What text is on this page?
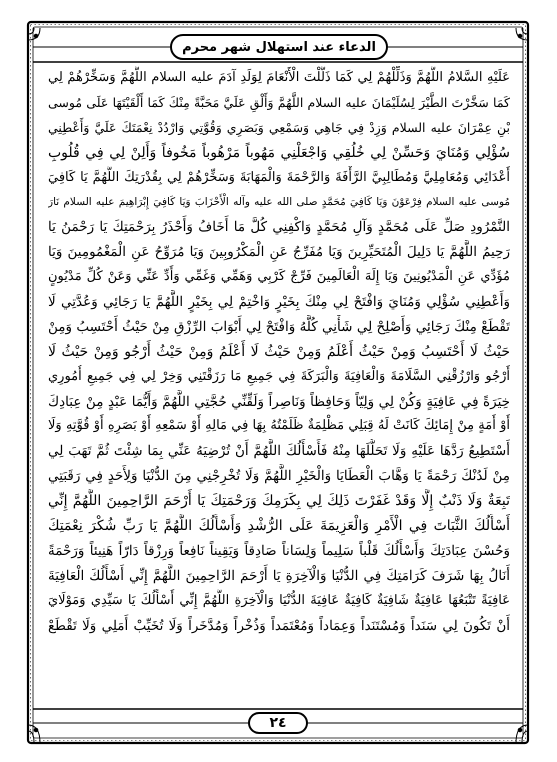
الدعاء عند استهلال شهر محرم
عَلَيْهِ السَّلامُ اللَّهُمَّ وَذَلِّلْهُمْ لِي كَمَا ذَلَّلْتَ الْأَنْعَامَ لِوَلَدِ آدَمَ عليه السلام اللَّهُمَّ وَسَخِّرْهُمْ لِي
كَمَا سَخَّرْتَ الطَّيْرَ لِسُلَيْمَانَ عليه السلام اللَّهُمَّ وَأَلْقِ عَلَيَّ مَحَبَّةً مِنْكَ كَمَا أَلْقَيْتَهَا عَلَى مُوسى
بْنِ عِمْرَانَ عليه السلام وَزِدْ فِي جَاهِي وَسَمْعِي وَبَصَرِي وَقُوَّتِي وَارْدُدْ نِعْمَتَكَ عَلَيَّ وَأَعْطِنِي
سُؤْلِي وَمُنَايَ وَحَسِّنْ لِي خُلُقِي وَاجْعَلْنِي مَهُوباً مَرْهُوباً مَخُوفاً وَأَلِنْ لِي فِي قُلُوبِ
أَعْدَائِي وَمُعَامِلِيَّ وَمُطَالِبِيَّ الرَّأْفَةَ وَالرَّحْمَةَ وَالْمَهَابَةَ وَسَخِّرْهُمْ لِي بِقُدْرَتِكَ اللَّهُمَّ يَا كَافِيَ
مُوسى عليه السلام فِرْعَوْنَ وَيَا كَافِيَ مُحَمَّدٍ صلى الله عليه وآله الْأَحْزَابَ وَيَا كَافِيَ إِبْرَاهِيمَ عليه السلام نَارَ
النَّمْرُودِ صَلِّ عَلَى مُحَمَّدٍ وَآلِ مُحَمَّدٍ وَاكْفِنِي كُلَّ مَا أَخَافُ وَأَحْذَرُ بِرَحْمَتِكَ يَا رَحْمَنُ يَا
رَحِيمُ اللَّهُمَّ يَا دَلِيلَ الْمُتَحَيِّرِينَ وَيَا مُفَرِّجُ عَنِ الْمَكْرُوبِينَ وَيَا مُرَوِّحُ عَنِ الْمَغْمُومِينَ وَيَا
مُؤَدِّي عَنِ الْمَدْيُونِينَ وَيَا إِلَهَ الْعَالَمِينَ فَرِّجْ كَرْبِي وَهَمِّي وَغَمِّي وَأَدِّ عَنِّي وَعَنْ كُلِّ مَدْيُونٍ
وَأَعْطِنِي سُؤْلِي وَمُنَايَ وَافْتَحْ لِي مِنْكَ بِخَيْرٍ وَاخْتِمْ لِي بِخَيْرٍ اللَّهُمَّ يَا رَجَائِي وَعُدَّتِي لَا
تَقْطَعْ مِنْكَ رَجَائِي وَأَصْلِحْ لِي شَأْنِي كُلَّهُ وَافْتَحْ لِي أَبْوَابَ الرِّزْقِ مِنْ حَيْثُ أَحْتَسِبُ وَمِنْ
حَيْثُ لَا أَحْتَسِبُ وَمِنْ حَيْثُ أَعْلَمُ وَمِنْ حَيْثُ لَا أَعْلَمُ وَمِنْ حَيْثُ أَرْجُو وَمِنْ حَيْثُ لَا
أَرْجُو وَارْزُقْنِي السَّلَامَةَ وَالْعَافِيَةَ وَالْبَرَكَةَ فِي جَمِيعِ مَا رَزَقْتَنِي وَخِرْ لِي فِي جَمِيعِ أُمُورِي
خِيَرَةً فِي عَافِيَةٍ وَكُنْ لِي وَلِيّاً وَحَافِظاً وَنَاصِراً وَلَقِّنِّي حُجَّتِي اللَّهُمَّ وَأَيُّمَا عَبْدٍ مِنْ عِبَادِكَ
أَوْ أَمَةٍ مِنْ إِمَائِكَ كَانَتْ لَهُ قِبَلِي مَظْلِمَةٌ ظَلَمْتُهُ بِهَا فِي مَالِهِ أَوْ سَمْعِهِ أَوْ بَصَرِهِ أَوْ قُوَّتِهِ وَلَا
أَسْتَطِيعُ رَدَّهَا عَلَيْهِ وَلَا تَحَلُّلَهَا مِنْهُ فَأَسْأَلُكَ اللَّهُمَّ أَنْ تُرْضِيَهُ عَنِّي بِمَا شِئْتَ ثُمَّ تَهَبَ لِي
مِنْ لَدُنْكَ رَحْمَةً يَا وَهَّابَ الْعَطَايَا وَالْخَيْرِ اللَّهُمَّ وَلَا تُخْرِجْنِي مِنَ الدُّنْيَا وَلِأَحَدٍ فِي رَقَبَتِي
تَبِعَةٌ وَلَا ذَنْبٌ إِلَّا وَقَدْ غَفَرْتَ ذَلِكَ لِي بِكَرَمِكَ وَرَحْمَتِكَ يَا أَرْحَمَ الرَّاحِمِينَ اللَّهُمَّ إِنِّي
أَسْأَلُكَ الثَّبَاتَ فِي الْأَمْرِ وَالْعَزِيمَةَ عَلَى الرُّشْدِ وَأَسْأَلُكَ اللَّهُمَّ يَا رَبِّ شُكْرَ نِعْمَتِكَ
وَحُسْنَ عِبَادَتِكَ وَأَسْأَلُكَ قَلْباً سَلِيماً وَلِسَاناً صَادِقاً وَيَقِيناً نَافِعاً وَرِزْقاً دَارّاً هَنِيئاً وَرَحْمَةً
أَنَالُ بِهَا شَرَفَ كَرَامَتِكَ فِي الدُّنْيَا وَالْآخِرَةِ يَا أَرْحَمَ الرَّاحِمِينَ اللَّهُمَّ إِنِّي أَسْأَلُكَ الْعَافِيَةَ
عَافِيَةً تَتْبَعُهَا عَافِيَةٌ شَافِيَةٌ كَافِيَةٌ عَافِيَةَ الدُّنْيَا وَالْآخِرَةِ اللَّهُمَّ إِنِّي أَسْأَلُكَ يَا سَيِّدِي وَمَوْلَايَ
أَنْ تَكُونَ لِي سَنَداً وَمُسْتَنَداً وَعِمَاداً وَمُعْتَمَداً وَذُخْراً وَمُدَّخَراً وَلَا تُخَيِّبْ أَمَلِي وَلَا تَقْطَعْ
٢٤
